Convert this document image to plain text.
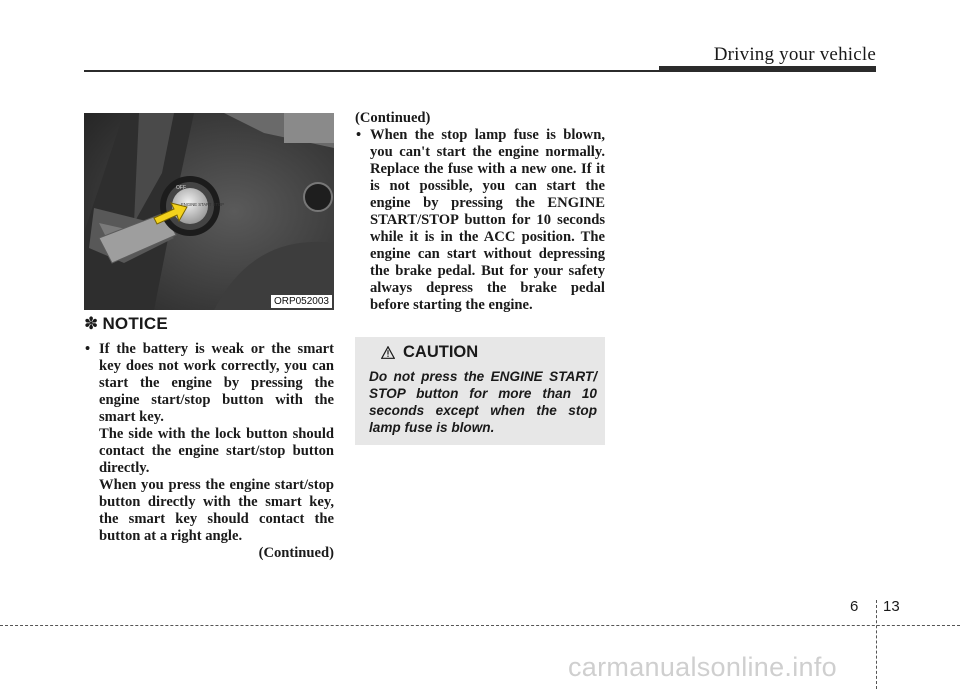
Driving your vehicle
OFF
ENGINE START STOP
ORP052003
✽ NOTICE
• If the battery is weak or the smart key does not work correctly, you can start the engine by pressing the engine start/stop button with the smart key.
The side with the lock button should contact the engine start/stop button directly.
When you press the engine start/stop button directly with the smart key, the smart key should contact the button at a right angle.
(Continued)
(Continued)
• When the stop lamp fuse is blown, you can't start the engine normally. Replace the fuse with a new one. If it is not possible, you can start the engine by pressing the ENGINE START/STOP button for 10 seconds while it is in the ACC position. The engine can start without depressing the brake pedal. But for your safety always depress the brake pedal before starting the engine.
CAUTION
Do not press the ENGINE START/ STOP button for more than 10 seconds except when the stop lamp fuse is blown.
6 13
carmanualsonline.info
